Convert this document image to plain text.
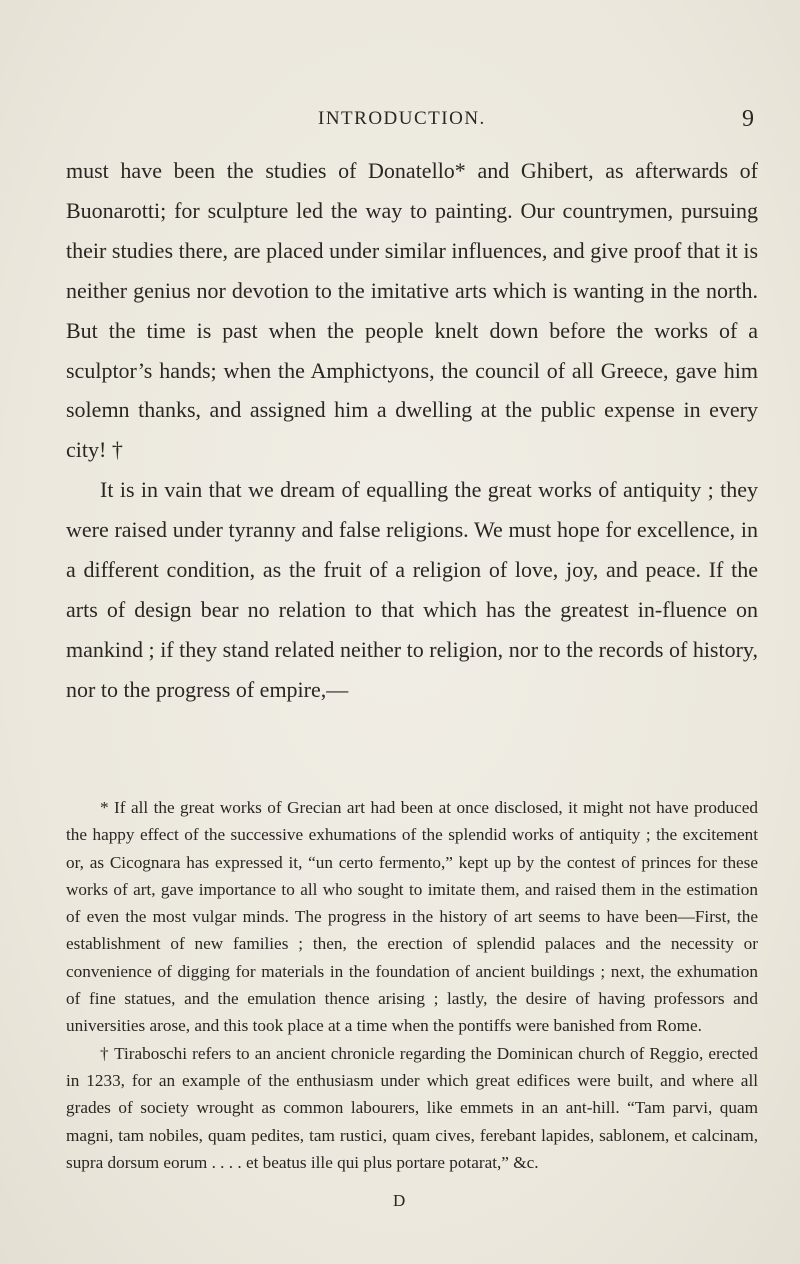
INTRODUCTION.	9

must have been the studies of Donatello* and Ghibert, as afterwards of Buonarotti; for sculpture led the way to painting. Our countrymen, pursuing their studies there, are placed under similar influences, and give proof that it is neither genius nor devotion to the imitative arts which is wanting in the north. But the time is past when the people knelt down before the works of a sculptor’s hands; when the Amphictyons, the council of all Greece, gave him solemn thanks, and assigned him a dwelling at the public expense in every city! †

It is in vain that we dream of equalling the great works of antiquity ; they were raised under tyranny and false religions. We must hope for excellence, in a different condition, as the fruit of a religion of love, joy, and peace. If the arts of design bear no relation to that which has the greatest in-fluence on mankind ; if they stand related neither to religion, nor to the records of history, nor to the progress of empire,—

* If all the great works of Grecian art had been at once disclosed, it might not have produced the happy effect of the successive exhumations of the splendid works of antiquity ; the excitement or, as Cicognara has expressed it, “un certo fermento,” kept up by the contest of princes for these works of art, gave importance to all who sought to imitate them, and raised them in the estimation of even the most vulgar minds. The progress in the history of art seems to have been—First, the establishment of new families ; then, the erection of splendid palaces and the necessity or convenience of digging for materials in the foundation of ancient buildings ; next, the exhumation of fine statues, and the emulation thence arising ; lastly, the desire of having professors and universities arose, and this took place at a time when the pontiffs were banished from Rome.

† Tiraboschi refers to an ancient chronicle regarding the Dominican church of Reggio, erected in 1233, for an example of the enthusiasm under which great edifices were built, and where all grades of society wrought as common labourers, like emmets in an ant-hill. “Tam parvi, quam magni, tam nobiles, quam pedites, tam rustici, quam cives, ferebant lapides, sablonem, et calcinam, supra dorsum eorum . . . . et beatus ille qui plus portare potarat,” &c.

D
